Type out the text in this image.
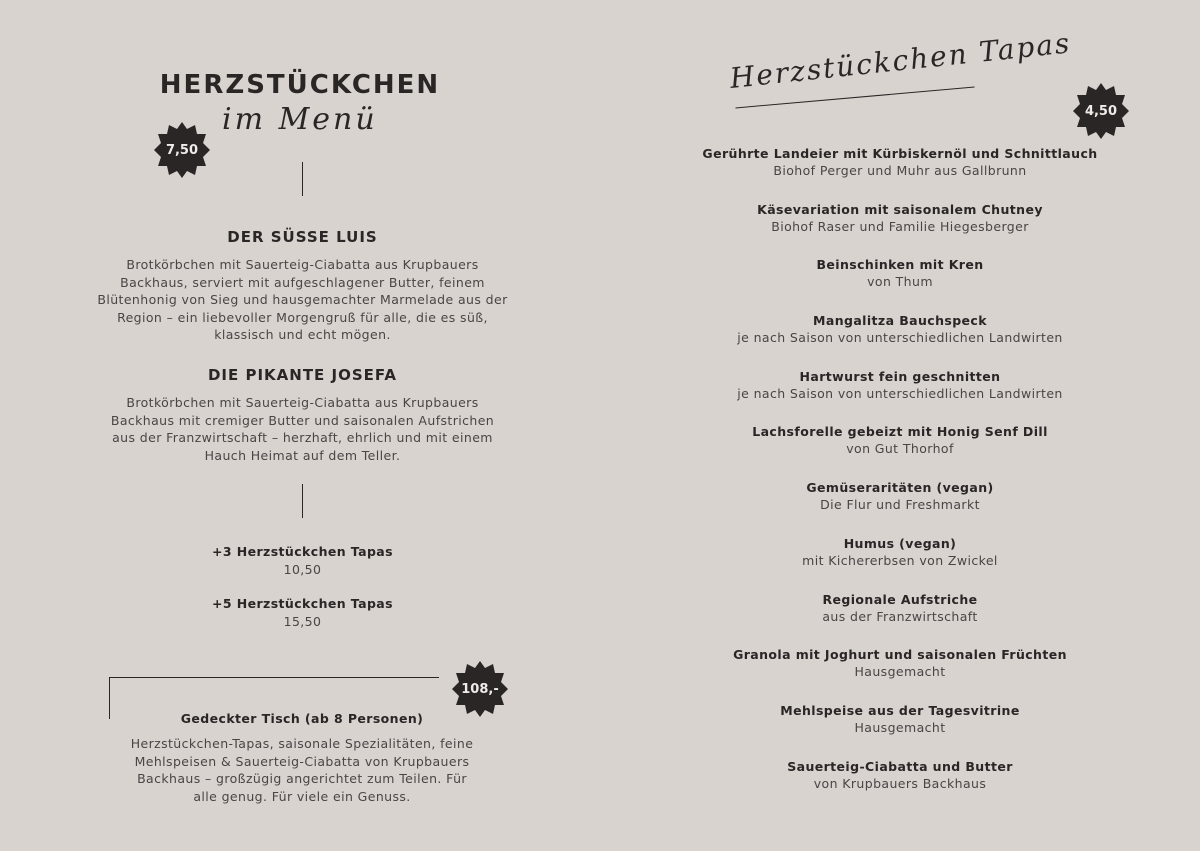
HERZSTÜCKCHEN
im Menü
7,50

DER SÜSSE LUIS

Brotkörbchen mit Sauerteig-Ciabatta aus Krupbauers
Backhaus, serviert mit aufgeschlagener Butter, feinem
Blütenhonig von Sieg und hausgemachter Marmelade aus der
Region – ein liebevoller Morgengruß für alle, die es süß,
klassisch und echt mögen.

DIE PIKANTE JOSEFA

Brotkörbchen mit Sauerteig-Ciabatta aus Krupbauers
Backhaus mit cremiger Butter und saisonalen Aufstrichen
aus der Franzwirtschaft – herzhaft, ehrlich und mit einem
Hauch Heimat auf dem Teller.

+3 Herzstückchen Tapas
10,50
+5 Herzstückchen Tapas
15,50
108,-
Gedeckter Tisch (ab 8 Personen)

Herzstückchen-Tapas, saisonale Spezialitäten, feine
Mehlspeisen & Sauerteig-Ciabatta von Krupbauers
Backhaus – großzügig angerichtet zum Teilen. Für
alle genug. Für viele ein Genuss.

Herzstückchen Tapas
4,50
Gerührte Landeier mit Kürbiskernöl und Schnittlauch
Biohof Perger und Muhr aus Gallbrunn
Käsevariation mit saisonalem Chutney
Biohof Raser und Familie Hiegesberger
Beinschinken mit Kren
von Thum
Mangalitza Bauchspeck
je nach Saison von unterschiedlichen Landwirten
Hartwurst fein geschnitten
je nach Saison von unterschiedlichen Landwirten
Lachsforelle gebeizt mit Honig Senf Dill
von Gut Thorhof
Gemüseraritäten (vegan)
Die Flur und Freshmarkt
Humus (vegan)
mit Kichererbsen von Zwickel
Regionale Aufstriche
aus der Franzwirtschaft
Granola mit Joghurt und saisonalen Früchten
Hausgemacht
Mehlspeise aus der Tagesvitrine
Hausgemacht
Sauerteig-Ciabatta und Butter
von Krupbauers Backhaus
